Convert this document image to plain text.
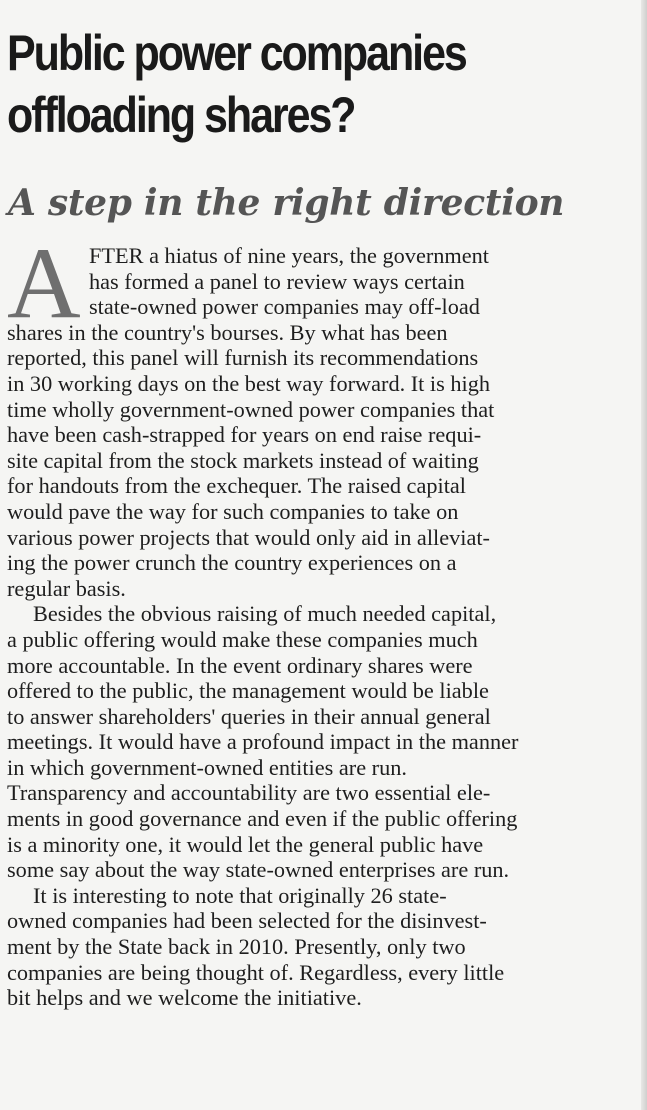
Public power companies
offloading shares?
A step in the right direction
A FTER a hiatus of nine years, the government
has formed a panel to review ways certain
state-owned power companies may off-load
shares in the country's bourses. By what has been
reported, this panel will furnish its recommendations
in 30 working days on the best way forward. It is high
time wholly government-owned power companies that
have been cash-strapped for years on end raise requi-
site capital from the stock markets instead of waiting
for handouts from the exchequer. The raised capital
would pave the way for such companies to take on
various power projects that would only aid in alleviat-
ing the power crunch the country experiences on a
regular basis.
Besides the obvious raising of much needed capital,
a public offering would make these companies much
more accountable. In the event ordinary shares were
offered to the public, the management would be liable
to answer shareholders' queries in their annual general
meetings. It would have a profound impact in the manner
in which government-owned entities are run.
Transparency and accountability are two essential ele-
ments in good governance and even if the public offering
is a minority one, it would let the general public have
some say about the way state-owned enterprises are run.
It is interesting to note that originally 26 state-
owned companies had been selected for the disinvest-
ment by the State back in 2010. Presently, only two
companies are being thought of. Regardless, every little
bit helps and we welcome the initiative.
